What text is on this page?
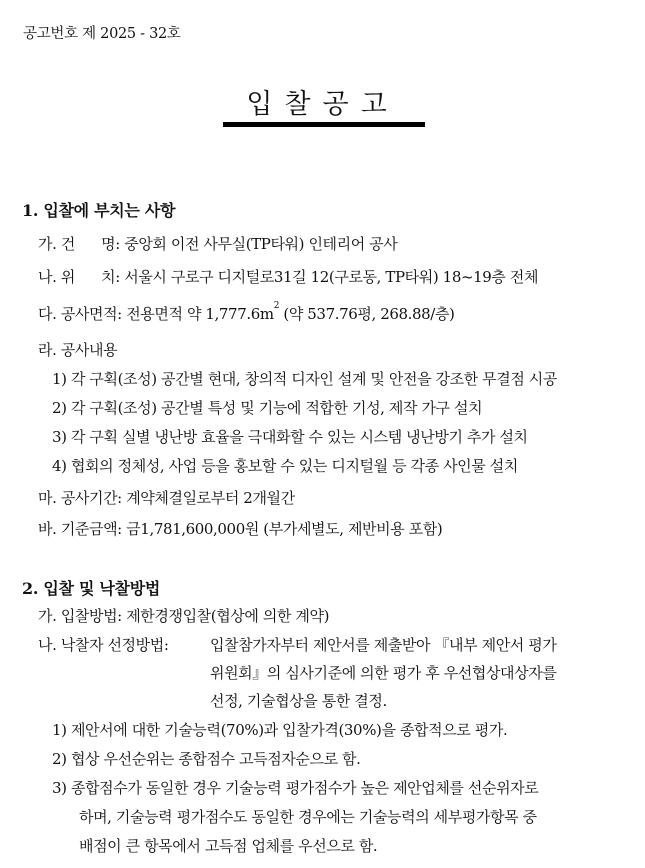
공고번호 제 2025 - 32호
입찰공고
1. 입찰에 부치는 사항
가. 건      명: 중앙회 이전 사무실(TP타워) 인테리어 공사
나. 위      치: 서울시 구로구 디지털로31길 12(구로동, TP타워) 18~19층 전체
다. 공사면적: 전용면적 약 $1,777.6m^2$ (약 537.76평, 268.88/층)
라. 공사내용
1) 각 구획(조성) 공간별 현대, 창의적 디자인 설계 및 안전을 강조한 무결점 시공
2) 각 구획(조성) 공간별 특성 및 기능에 적합한 기성, 제작 가구 설치
3) 각 구획 실별 냉난방 효율을 극대화할 수 있는 시스템 냉난방기 추가 설치
4) 협회의 정체성, 사업 등을 홍보할 수 있는 디지털월 등 각종 사인물 설치
마. 공사기간: 계약체결일로부터 2개월간
바. 기준금액: 금1,781,600,000원 (부가세별도, 제반비용 포함)
2. 입찰 및 낙찰방법
가. 입찰방법: 제한경쟁입찰(협상에 의한 계약)
나. 낙찰자 선정방법:	입찰참가자부터 제안서를 제출받아 『내부 제안서 평가
위원회』의 심사기준에 의한 평가 후 우선협상대상자를
선정, 기술협상을 통한 결정.
1) 제안서에 대한 기술능력(70%)과 입찰가격(30%)을 종합적으로 평가.
2) 협상 우선순위는 종합점수 고득점자순으로 함.
3) 종합점수가 동일한 경우 기술능력 평가점수가 높은 제안업체를 선순위자로
하며, 기술능력 평가점수도 동일한 경우에는 기술능력의 세부평가항목 중
배점이 큰 항목에서 고득점 업체를 우선으로 함.
